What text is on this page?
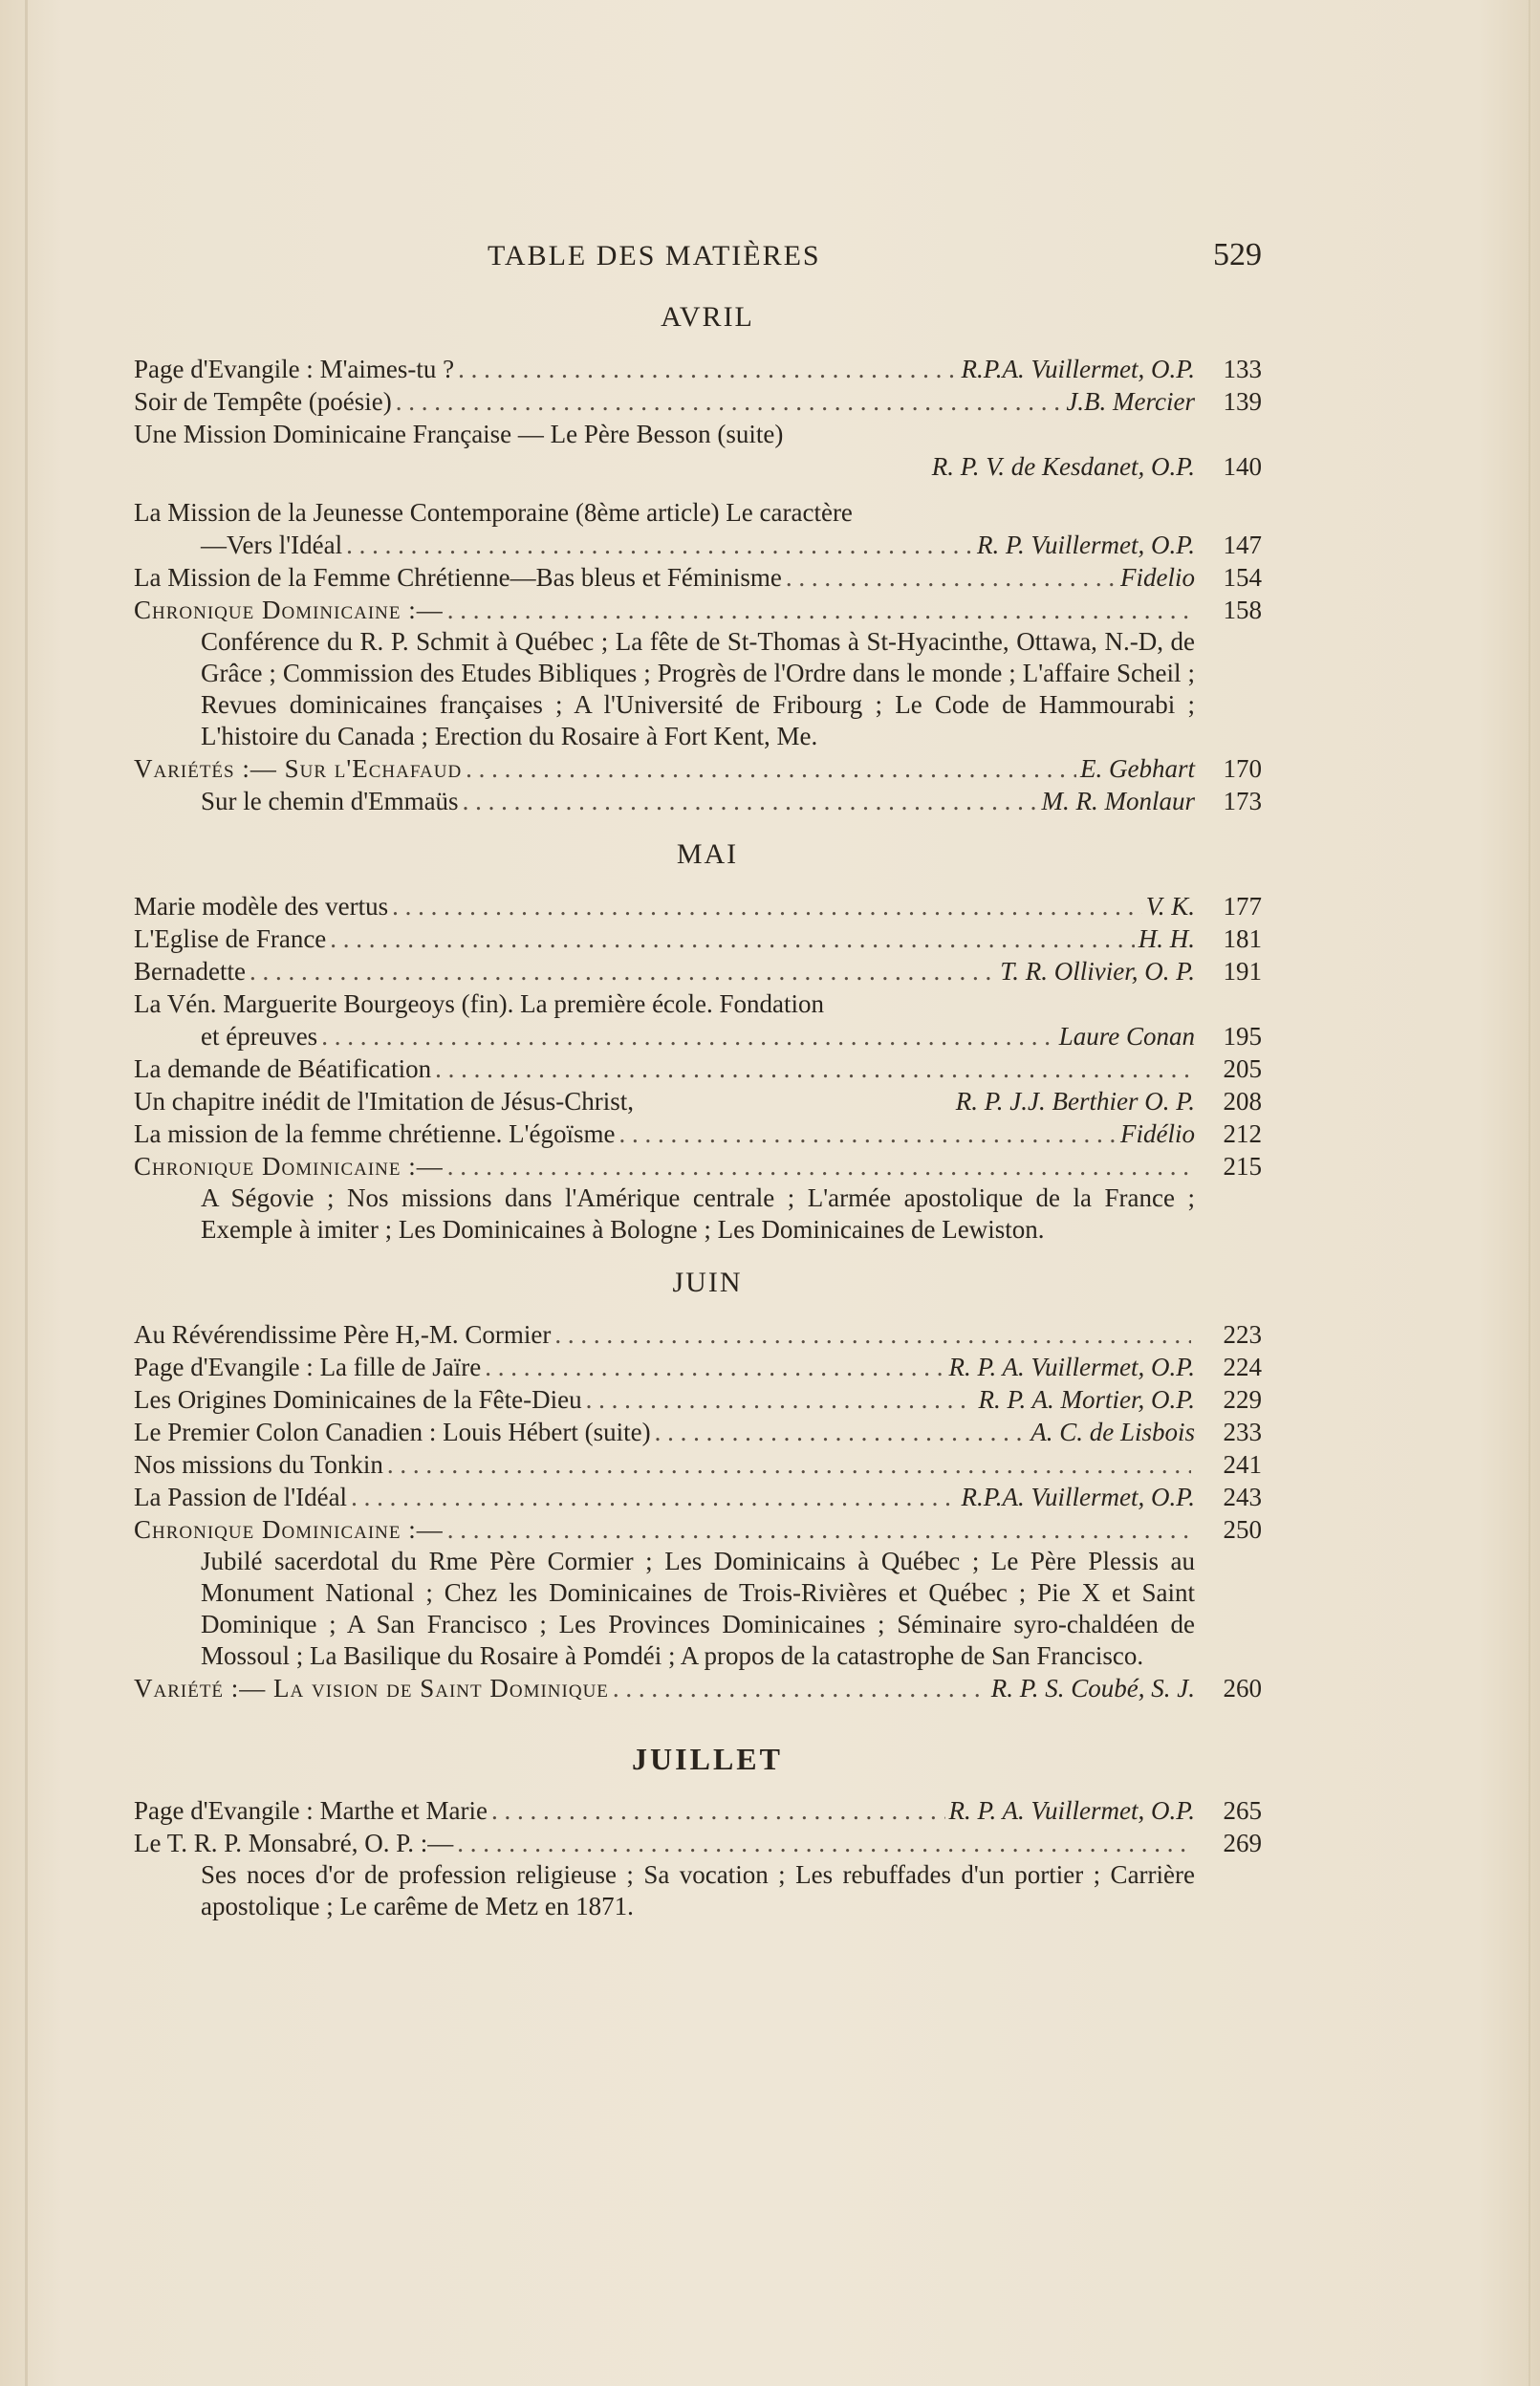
TABLE DES MATIÈRES	529
AVRIL
Page d'Evangile : M'aimes-tu ? . . .	R.P.A. Vuillermet, O.P.	133
Soir de Tempête (poésie) . . .	J.B. Mercier	139
Une Mission Dominicaine Française — Le Père Besson (suite)
R. P. V. de Kesdanet, O.P.	140
La Mission de la Jeunesse Contemporaine (8ème article) Le caractère
—Vers l'Idéal . . .	R. P. Vuillermet, O.P.	147
La Mission de la Femme Chrétienne—Bas bleus et Féminisme . . .	Fidelio	154
Chronique Dominicaine :— . . .	158
Conférence du R. P. Schmit à Québec ; La fête de St-Thomas à St-Hyacinthe, Ottawa, N.-D, de Grâce ; Commission des Etudes Bibliques ; Progrès de l'Ordre dans le monde ; L'affaire Scheil ; Revues dominicaines françaises ; A l'Université de Fribourg ; Le Code de Hammourabi ; L'histoire du Canada ; Erection du Rosaire à Fort Kent, Me.
Variétés :— Sur l'Echafaud . . .	E. Gebhart	170
Sur le chemin d'Emmaüs . . .	M. R. Monlaur	173
MAI
Marie modèle des vertus . . .	V. K.	177
L'Eglise de France . . .	H. H.	181
Bernadette . . .	T. R. Ollivier, O. P.	191
La Vén. Marguerite Bourgeoys (fin). La première école. Fondation
et épreuves . . .	Laure Conan	195
La demande de Béatification . . .	205
Un chapitre inédit de l'Imitation de Jésus-Christ,	R. P. J.J. Berthier O. P.	208
La mission de la femme chrétienne. L'égoïsme . . .	Fidélio	212
Chronique Dominicaine :— . . .	215
A Ségovie ; Nos missions dans l'Amérique centrale ; L'armée apostolique de la France ; Exemple à imiter ; Les Dominicaines à Bologne ; Les Dominicaines de Lewiston.
JUIN
Au Révérendissime Père H,-M. Cormier . . .	223
Page d'Evangile : La fille de Jaïre . . .	R. P. A. Vuillermet, O.P.	224
Les Origines Dominicaines de la Fête-Dieu . . .	R. P. A. Mortier, O.P.	229
Le Premier Colon Canadien : Louis Hébert (suite) . . .	A. C. de Lisbois	233
Nos missions du Tonkin . . .	241
La Passion de l'Idéal . . .	R.P.A. Vuillermet, O.P.	243
Chronique Dominicaine :— . . .	250
Jubilé sacerdotal du Rme Père Cormier ; Les Dominicains à Québec ; Le Père Plessis au Monument National ; Chez les Dominicaines de Trois-Rivières et Québec ; Pie X et Saint Dominique ; A San Francisco ; Les Provinces Dominicaines ; Séminaire syro-chaldéen de Mossoul ; La Basilique du Rosaire à Pomdéi ; A propos de la catastrophe de San Francisco.
Variété :— La vision de Saint Dominique . . .	R. P. S. Coubé, S. J.	260
JUILLET
Page d'Evangile : Marthe et Marie . . .	R. P. A. Vuillermet, O.P.	265
Le T. R. P. Monsabré, O. P. :— . . .	269
Ses noces d'or de profession religieuse ; Sa vocation ; Les rebuffades d'un portier ; Carrière apostolique ; Le carême de Metz en 1871.
